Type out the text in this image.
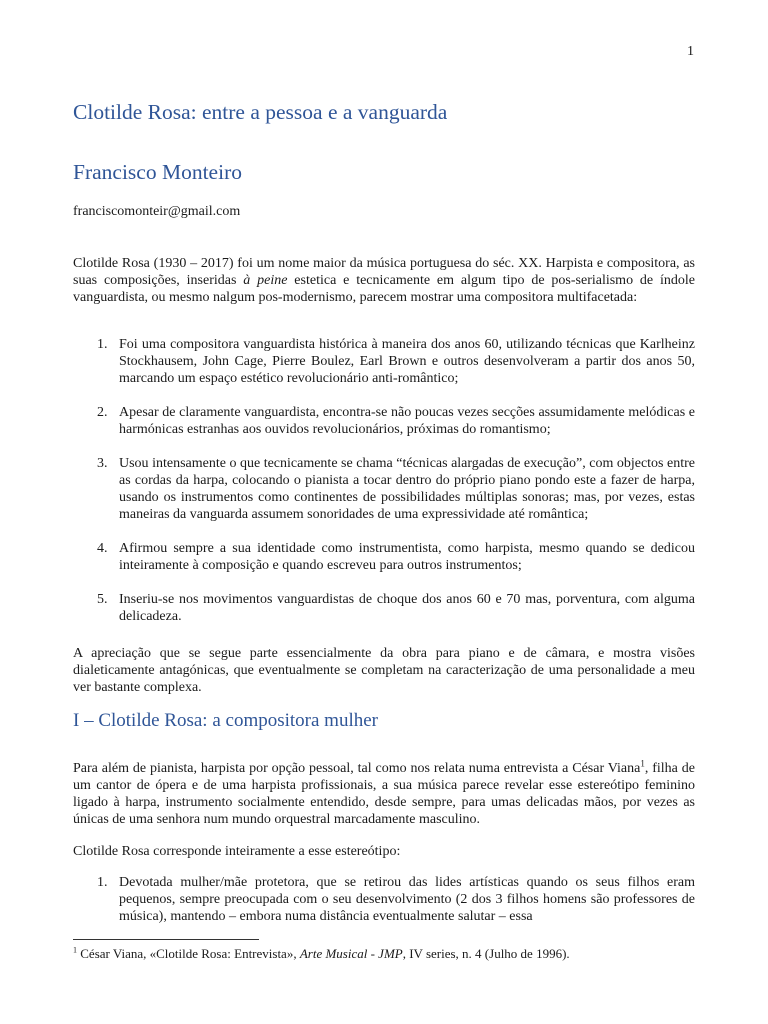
1
Clotilde Rosa: entre a pessoa e a vanguarda
Francisco Monteiro
franciscomonteir@gmail.com

Clotilde Rosa (1930 – 2017) foi um nome maior da música portuguesa do séc. XX. Harpista e compositora, as suas composições, inseridas à peine estetica e tecnicamente em algum tipo de pos-serialismo de índole vanguardista, ou mesmo nalgum pos-modernismo, parecem mostrar uma compositora multifacetada:

1. Foi uma compositora vanguardista histórica à maneira dos anos 60, utilizando técnicas que Karlheinz Stockhausem, John Cage, Pierre Boulez, Earl Brown e outros desenvolveram a partir dos anos 50, marcando um espaço estético revolucionário anti-romântico;
2. Apesar de claramente vanguardista, encontra-se não poucas vezes secções assumidamente melódicas e harmónicas estranhas aos ouvidos revolucionários, próximas do romantismo;
3. Usou intensamente o que tecnicamente se chama “técnicas alargadas de execução”, com objectos entre as cordas da harpa, colocando o pianista a tocar dentro do próprio piano pondo este a fazer de harpa, usando os instrumentos como continentes de possibilidades múltiplas sonoras; mas, por vezes, estas maneiras da vanguarda assumem sonoridades de uma expressividade até romântica;
4. Afirmou sempre a sua identidade como instrumentista, como harpista, mesmo quando se dedicou inteiramente à composição e quando escreveu para outros instrumentos;
5. Inseriu-se nos movimentos vanguardistas de choque dos anos 60 e 70 mas, porventura, com alguma delicadeza.

A apreciação que se segue parte essencialmente da obra para piano e de câmara, e mostra visões dialeticamente antagónicas, que eventualmente se completam na caracterização de uma personalidade a meu ver bastante complexa.

I – Clotilde Rosa: a compositora mulher

Para além de pianista, harpista por opção pessoal, tal como nos relata numa entrevista a César Viana$^1$, filha de um cantor de ópera e de uma harpista profissionais, a sua música parece revelar esse estereótipo feminino ligado à harpa, instrumento socialmente entendido, desde sempre, para umas delicadas mãos, por vezes as únicas de uma senhora num mundo orquestral marcadamente masculino.

Clotilde Rosa corresponde inteiramente a esse estereótipo:

1. Devotada mulher/mãe protetora, que se retirou das lides artísticas quando os seus filhos eram pequenos, sempre preocupada com o seu desenvolvimento (2 dos 3 filhos homens são professores de música), mantendo – embora numa distância eventualmente salutar – essa
$^1$ César Viana, «Clotilde Rosa: Entrevista», Arte Musical - JMP, IV series, n. 4 (Julho de 1996).
